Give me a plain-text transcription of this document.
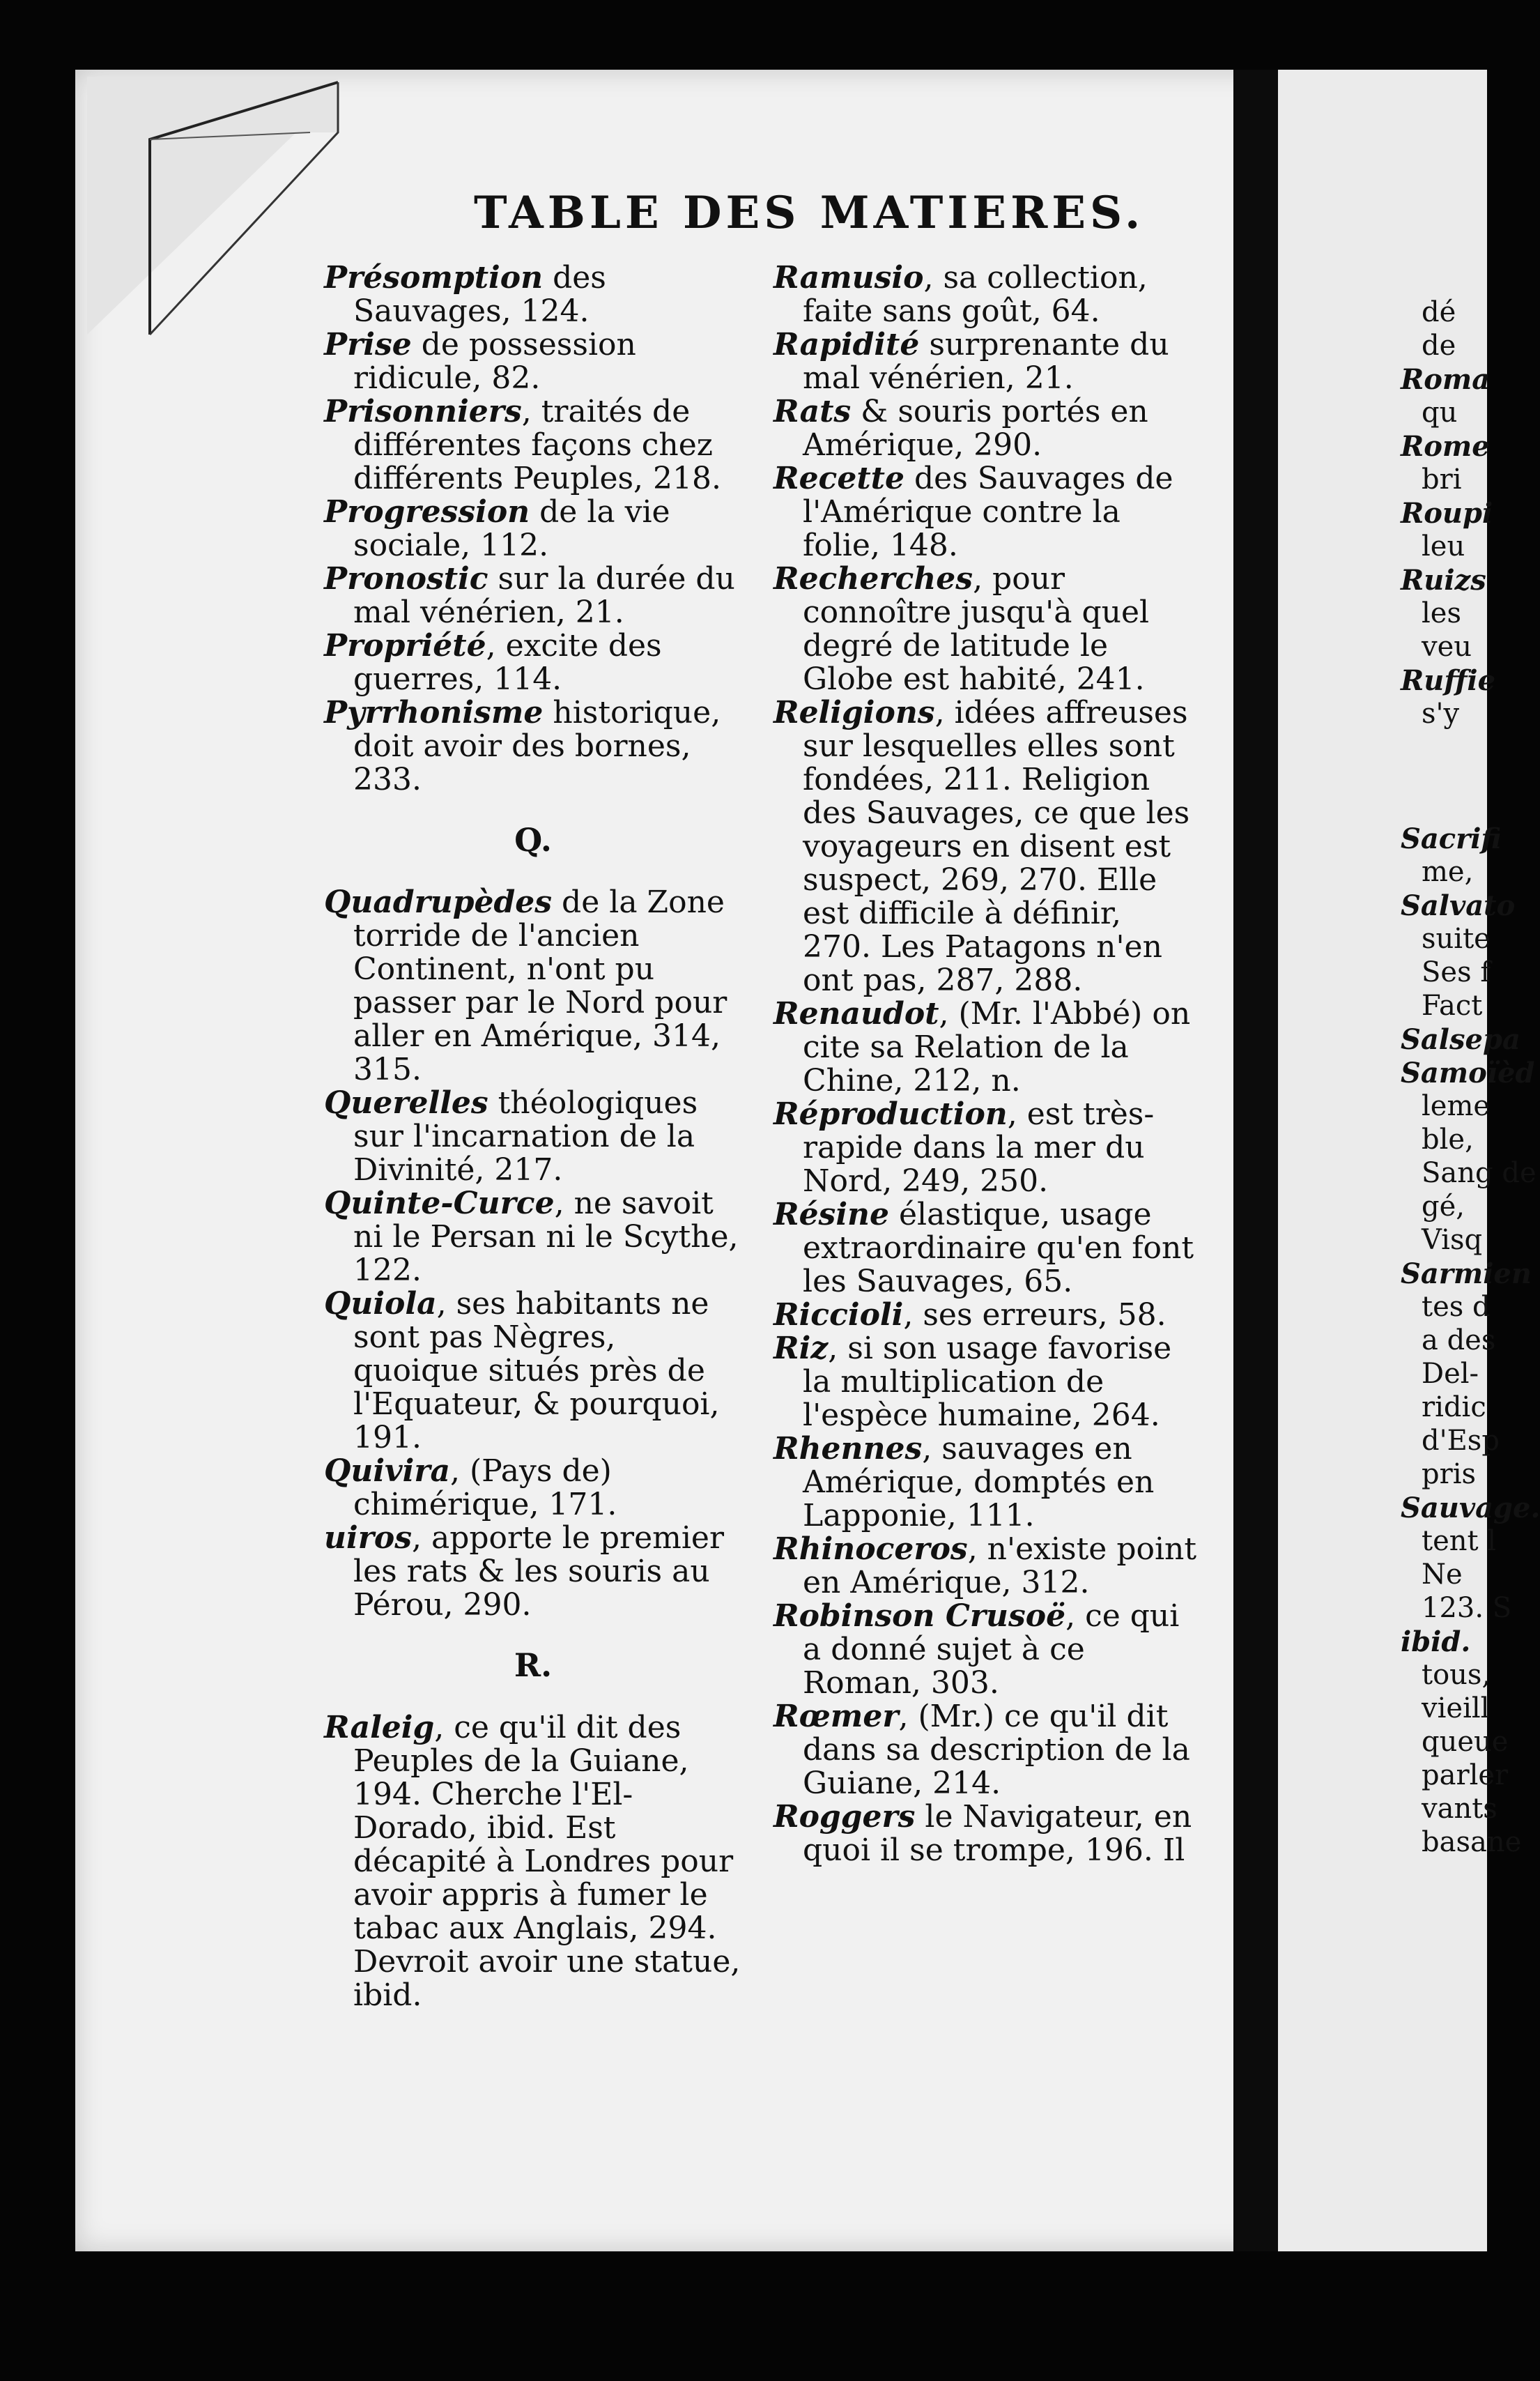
TABLE DES MATIERES.
Présomption des Sauvages, 124.
Prise de possession ridicule, 82.
Prisonniers, traités de différentes façons chez différents Peuples, 218.
Progression de la vie sociale, 112.
Pronostic sur la durée du mal vénérien, 21.
Propriété, excite des guerres, 114.
Pyrrhonisme historique, doit avoir des bornes, 233.
Q.
Quadrupèdes de la Zone torride de l'ancien Continent, n'ont pu passer par le Nord pour aller en Amérique, 314, 315.
Querelles théologiques sur l'incarnation de la Divinité, 217.
Quinte-Curce, ne savoit ni le Persan ni le Scythe, 122.
Quiola, ses habitants ne sont pas Nègres, quoique situés près de l'Equateur, & pourquoi, 191.
Quivira, (Pays de) chimérique, 171.
uiros, apporte le premier les rats & les souris au Pérou, 290.
R.
Raleig, ce qu'il dit des Peuples de la Guiane, 194. Cherche l'El-Dorado, ibid. Est décapité à Londres pour avoir appris à fumer le tabac aux Anglais, 294. Devroit avoir une statue, ibid.
Ramusio, sa collection, faite sans goût, 64.
Rapidité surprenante du mal vénérien, 21.
Rats & souris portés en Amérique, 290.
Recette des Sauvages de l'Amérique contre la folie, 148.
Recherches, pour connoître jusqu'à quel degré de latitude le Globe est habité, 241.
Religions, idées affreuses sur lesquelles elles sont fondées, 211. Religion des Sauvages, ce que les voyageurs en disent est suspect, 269, 270. Elle est difficile à définir, 270. Les Patagons n'en ont pas, 287, 288.
Renaudot, (Mr. l'Abbé) on cite sa Relation de la Chine, 212, n.
Réproduction, est très-rapide dans la mer du Nord, 249, 250.
Résine élastique, usage extraordinaire qu'en font les Sauvages, 65.
Riccioli, ses erreurs, 58.
Riz, si son usage favorise la multiplication de l'espèce humaine, 264.
Rhennes, sauvages en Amérique, domptés en Lapponie, 111.
Rhinoceros, n'existe point en Amérique, 312.
Robinson Crusoë, ce qui a donné sujet à ce Roman, 303.
Rœmer, (Mr.) ce qu'il dit dans sa description de la Guiane, 214.
Roggers le Navigateur, en quoi il se trompe, 196. Il
dé
de
Roma
qu
Rome
bri
Roupi
leu
Ruizs
les
veu
Ruffie
s'y
Sacrifi
me,
Salvato
suite
Ses f
Fact
Salsepa
Samoïèd
leme
ble,
Sang de
gé,
Visq
Sarmien
tes d
a des
Del-
ridic
d'Esp
pris
Sauvage.
tent l
Ne
123. S
ibid.
tous,
vieill
queue
parler
vants
basane
